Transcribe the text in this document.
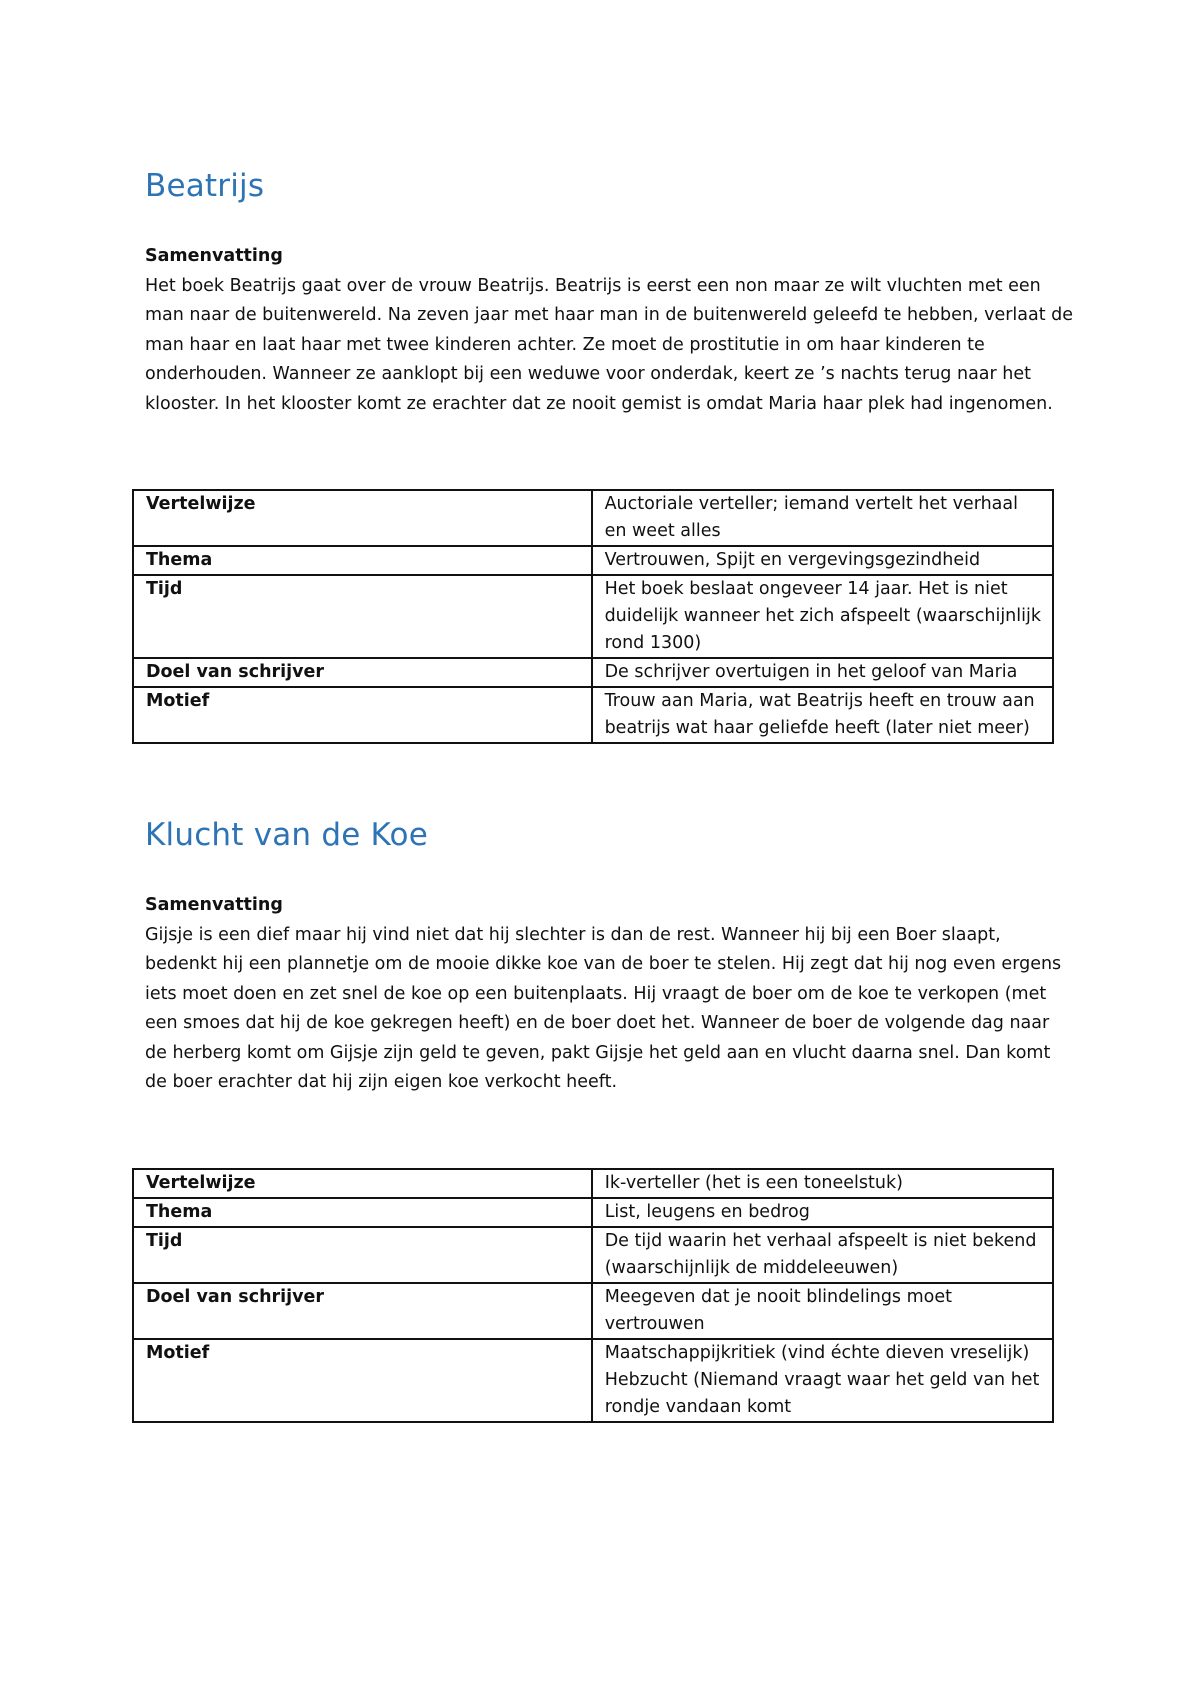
Beatrijs

Samenvatting

Het boek Beatrijs gaat over de vrouw Beatrijs. Beatrijs is eerst een non maar ze wilt vluchten met een man naar de buitenwereld. Na zeven jaar met haar man in de buitenwereld geleefd te hebben, verlaat de man haar en laat haar met twee kinderen achter. Ze moet de prostitutie in om haar kinderen te onderhouden. Wanneer ze aanklopt bij een weduwe voor onderdak, keert ze ’s nachts terug naar het klooster. In het klooster komt ze erachter dat ze nooit gemist is omdat Maria haar plek had ingenomen.

Vertelwijze	Auctoriale verteller; iemand vertelt het verhaal en weet alles
Thema	Vertrouwen, Spijt en vergevingsgezindheid
Tijd	Het boek beslaat ongeveer 14 jaar. Het is niet duidelijk wanneer het zich afspeelt (waarschijnlijk rond 1300)
Doel van schrijver	De schrijver overtuigen in het geloof van Maria
Motief	Trouw aan Maria, wat Beatrijs heeft en trouw aan beatrijs wat haar geliefde heeft (later niet meer)
Klucht van de Koe

Samenvatting

Gijsje is een dief maar hij vind niet dat hij slechter is dan de rest. Wanneer hij bij een Boer slaapt, bedenkt hij een plannetje om de mooie dikke koe van de boer te stelen. Hij zegt dat hij nog even ergens iets moet doen en zet snel de koe op een buitenplaats. Hij vraagt de boer om de koe te verkopen (met een smoes dat hij de koe gekregen heeft) en de boer doet het. Wanneer de boer de volgende dag naar de herberg komt om Gijsje zijn geld te geven, pakt Gijsje het geld aan en vlucht daarna snel. Dan komt de boer erachter dat hij zijn eigen koe verkocht heeft.

Vertelwijze	Ik-verteller (het is een toneelstuk)
Thema	List, leugens en bedrog
Tijd	De tijd waarin het verhaal afspeelt is niet bekend (waarschijnlijk de middeleeuwen)
Doel van schrijver	Meegeven dat je nooit blindelings moet vertrouwen
Motief	Maatschappijkritiek (vind échte dieven vreselijk)
Hebzucht (Niemand vraagt waar het geld van het rondje vandaan komt
